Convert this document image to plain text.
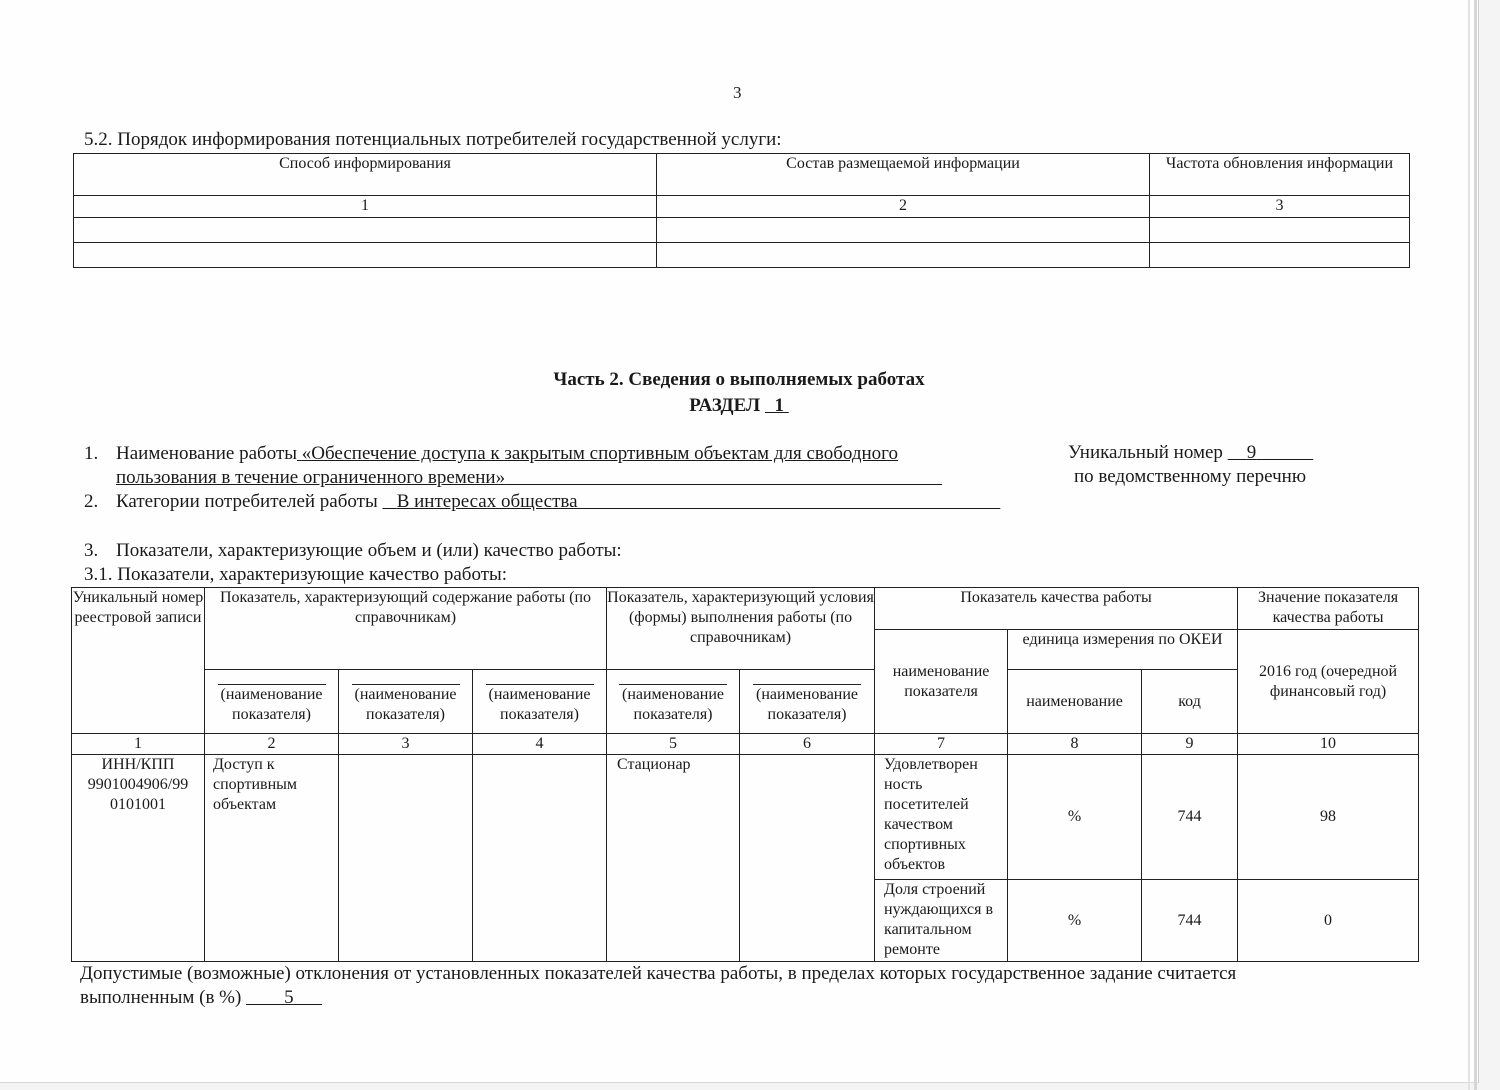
3
5.2. Порядок информирования потенциальных потребителей государственной услуги:
Способ информирования	Состав размещаемой информации	Частота обновления информации
1	2	3

Часть 2. Сведения о выполняемых работах
РАЗДЕЛ 1
1. Наименование работы «Обеспечение доступа к закрытым спортивным объектам для свободного
пользования в течение ограниченного времени»
2. Категории потребителей работы В интересах общества
Уникальный номер 9
по ведомственному перечню
3. Показатели, характеризующие объем и (или) качество работы:
3.1. Показатели, характеризующие качество работы:
Уникальный номер реестровой записи	Показатель, характеризующий содержание работы (по справочникам)			Показатель, характеризующий условия (формы) выполнения работы (по справочникам)		Показатель качества работы			Значение показателя качества работы
						наименование показателя	единица измерения по ОКЕИ		2016 год (очередной финансовый год)

(наименование показателя)	(наименование показателя)	(наименование показателя)	(наименование показателя)	(наименование показателя)		наименование	код	
1	2	3	4	5	6	7	8	9	10
ИНН/КПП 9901004906/99 0101001	Доступ к спортивным объектам			Стационар		Удовлетворен ность посетителей качеством спортивных объектов	%	744	98
						Доля строений нуждающихся в капитальном ремонте	%	744	0
Допустимые (возможные) отклонения от установленных показателей качества работы, в пределах которых государственное задание считается
выполненным (в %) 5
